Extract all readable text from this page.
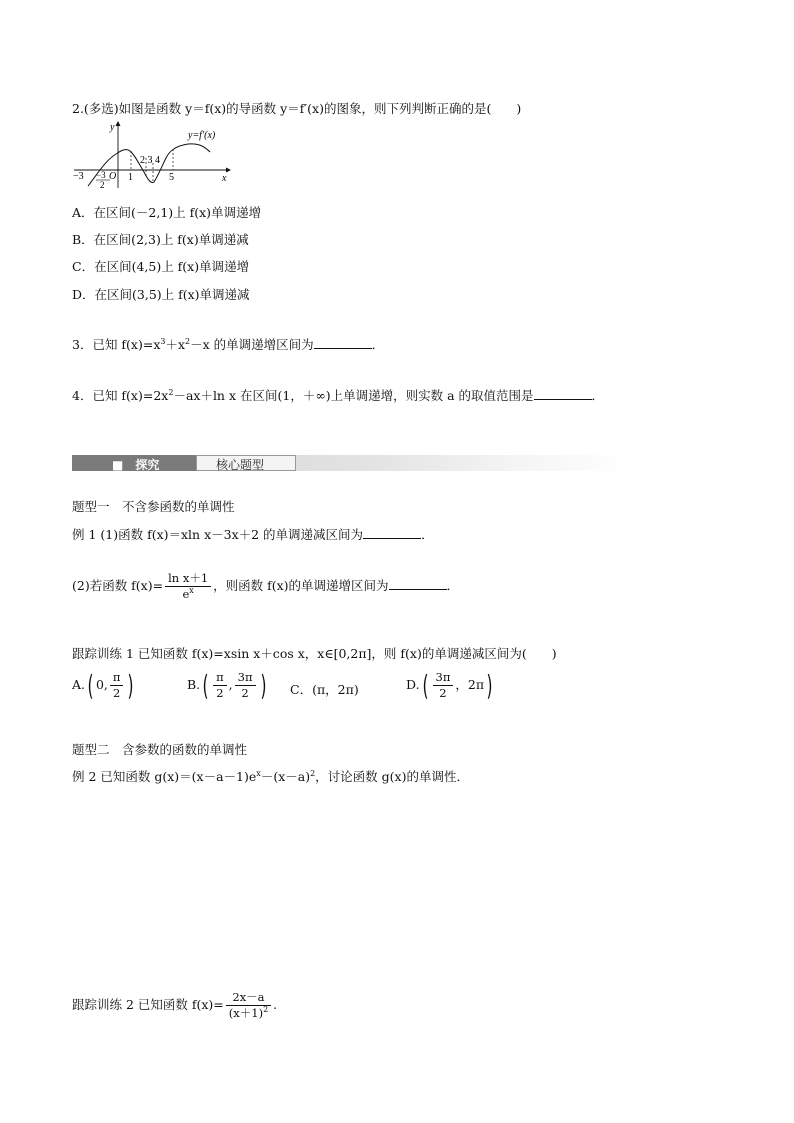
2.(多选)如图是函数 y＝f(x)的导函数 y＝f′(x)的图象，则下列判断正确的是(　　)
y
x
y=f′(x)
−3 −3
2
O 1
2 3 4
5
A．在区间(－2,1)上 f(x)单调递增
B．在区间(2,3)上 f(x)单调递减
C．在区间(4,5)上 f(x)单调递增
D．在区间(3,5)上 f(x)单调递减
3．已知 $f(x)=x^3+x^2-x$ 的单调递增区间为	．
4．已知 $f(x)=2x^2-ax+\ln$ x 在区间(1，＋∞)上单调递增，则实数 a 的取值范围是	．
■　探究	核心题型
题型一　不含参函数的单调性
例 1 (1)函数 f(x)＝xln x－3x＋2 的单调递减区间为	．
(2)若函数 $f(x)= \frac{\text{ln x＋1}}{e^x}$ ，则函数 f(x)的单调递增区间为	．
跟踪训练 1 已知函数 f(x)=xsin x＋cos x，x∈[0,2π]，则 f(x)的单调递减区间为(　　)
A.( 0, $\frac{\pi}{2}$ )	$B.( \frac{\pi}{2}$ , $\frac{3\pi}{2}$ ) C．(π，2π)	$D.( \frac{3\pi}{2}$ ，2π)
题型二　含参数的函数的单调性
例 2 已知函数 $g(x)=(x-a-1)e^x-(x-a)^2$，讨论函数 g(x)的单调性．
跟踪训练 2 已知函数 $f(x)= \frac{2x-a}{(x+1)^2}$ .
